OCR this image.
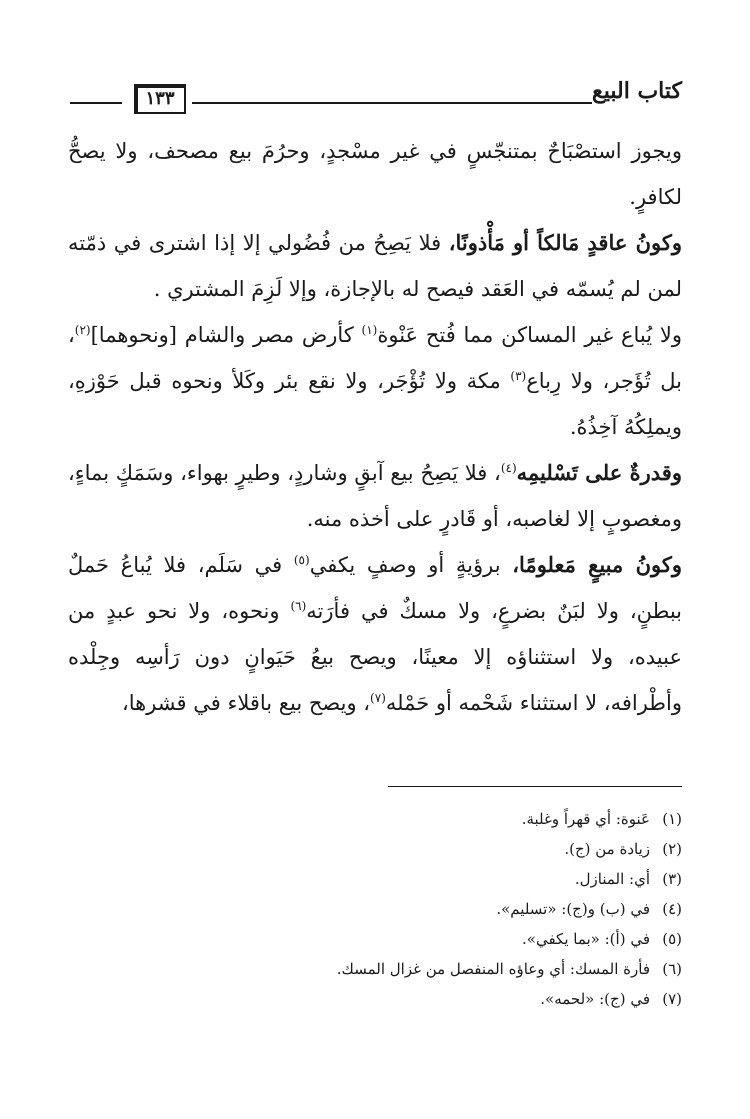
كتاب البيع
١٣٣

ويجوز استصْبَاحٌ بمتنجّسٍ في غير مسْجدٍ، وحرُمَ بيع مصحف، ولا يصحُّ لكافرٍ.

وكونُ عاقدٍ مَالكاً أو مَأْذونًا، فلا يَصِحُ من فُضُولي إلا إذا اشترى في ذمّته لمن لم يُسمّه في العَقد فيصح له بالإجازة، وإلا لَزِمَ المشتري .

ولا يُباع غير المساكن مما فُتح عَنْوة$^{(١)}$ كأرض مصر والشام [ونحوهما]$^{(٢)}$، بل تُؤَجر، ولا رِباع$^{(٣)}$ مكة ولا تُؤْجَر، ولا نقع بئر وكَلأ ونحوه قبل حَوْزهِ، ويملِكُهُ آخِذُهُ.

وقدرةٌ على تَسْليمِه$^{(٤)}$، فلا يَصِحُ بيع آبقٍ وشاردٍ، وطيرٍ بهواء، وسَمَكٍ بماءٍ، ومغصوبٍ إلا لغاصبه، أو قَادرٍ على أخذه منه.

وكونُ مبيعٍ مَعلومًا، برؤيةٍ أو وصفٍ يكفي$^{(٥)}$ في سَلَم، فلا يُباعُ حَملٌ ببطنٍ، ولا لبَنٌ بضرعٍ، ولا مسكٌ في فأرَته$^{(٦)}$ ونحوه، ولا نحو عبدٍ من عبيده، ولا استثناؤه إلا معينًا، ويصح بيعُ حَيَوانٍ دون رَأسِه وجِلْده وأطْرافه، لا استثناء شَحْمه أو حَمْله$^{(٧)}$، ويصح بيع باقلاء في قشرها،

(١)عَنوة: أي قهراً وغلبة.
(٢)زيادة من (ج).
(٣)أي: المنازل.
(٤)في (ب) و(ج): «تسليم».
(٥)في (أ): «بما يكفي».
(٦)فأرة المسك: أي وعاؤه المنفصل من غزال المسك.
(٧)في (ج): «لحمه».
